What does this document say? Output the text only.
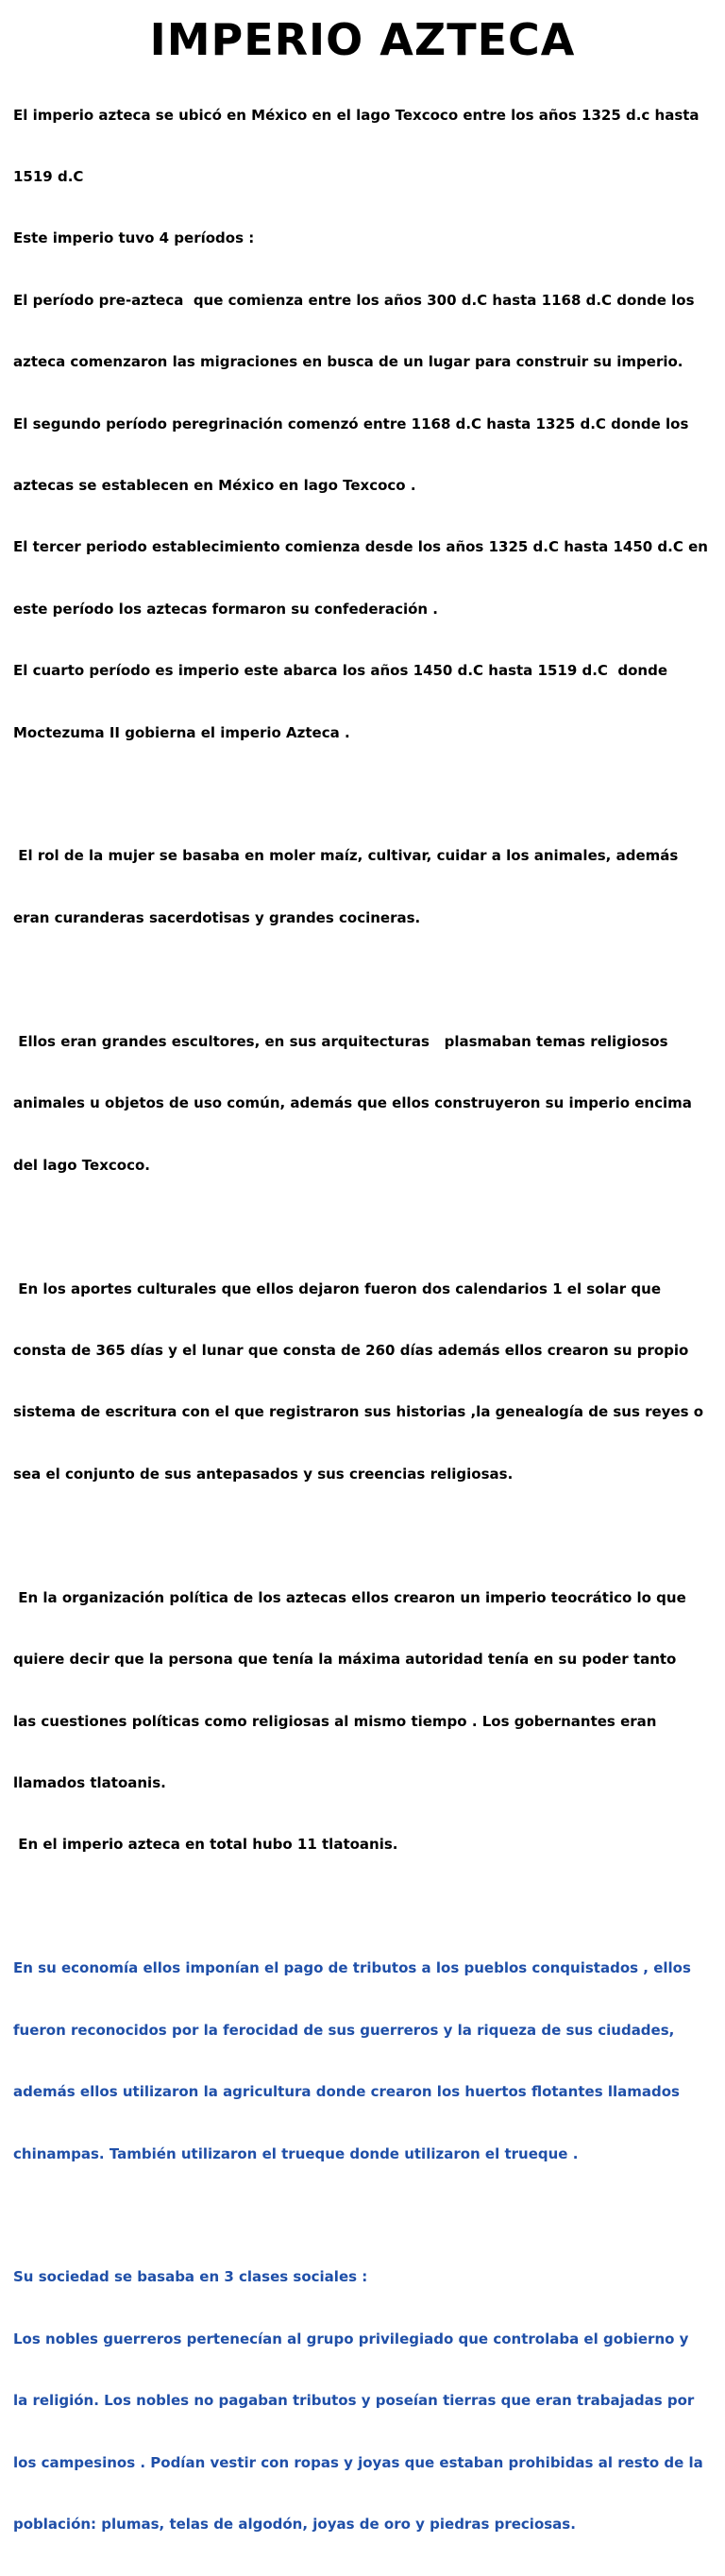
IMPERIO AZTECA

El imperio azteca se ubicó en México en el lago Texcoco entre los años 1325 d.c hasta

1519 d.C

Este imperio tuvo 4 períodos :

El período pre-azteca  que comienza entre los años 300 d.C hasta 1168 d.C donde los

azteca comenzaron las migraciones en busca de un lugar para construir su imperio.

El segundo período peregrinación comenzó entre 1168 d.C hasta 1325 d.C donde los

aztecas se establecen en México en lago Texcoco .

El tercer periodo establecimiento comienza desde los años 1325 d.C hasta 1450 d.C en

este período los aztecas formaron su confederación .

El cuarto período es imperio este abarca los años 1450 d.C hasta 1519 d.C  donde

Moctezuma II gobierna el imperio Azteca .

El rol de la mujer se basaba en moler maíz, cultivar, cuidar a los animales, además

eran curanderas sacerdotisas y grandes cocineras.

Ellos eran grandes escultores, en sus arquitecturas   plasmaban temas religiosos

animales u objetos de uso común, además que ellos construyeron su imperio encima

del lago Texcoco.

En los aportes culturales que ellos dejaron fueron dos calendarios 1 el solar que

consta de 365 días y el lunar que consta de 260 días además ellos crearon su propio

sistema de escritura con el que registraron sus historias ,la genealogía de sus reyes o

sea el conjunto de sus antepasados y sus creencias religiosas.

En la organización política de los aztecas ellos crearon un imperio teocrático lo que

quiere decir que la persona que tenía la máxima autoridad tenía en su poder tanto

las cuestiones políticas como religiosas al mismo tiempo . Los gobernantes eran

llamados tlatoanis.

En el imperio azteca en total hubo 11 tlatoanis.

En su economía ellos imponían el pago de tributos a los pueblos conquistados , ellos

fueron reconocidos por la ferocidad de sus guerreros y la riqueza de sus ciudades,

además ellos utilizaron la agricultura donde crearon los huertos flotantes llamados

chinampas. También utilizaron el trueque donde utilizaron el trueque .

Su sociedad se basaba en 3 clases sociales :

Los nobles guerreros pertenecían al grupo privilegiado que controlaba el gobierno y

la religión. Los nobles no pagaban tributos y poseían tierras que eran trabajadas por

los campesinos . Podían vestir con ropas y joyas que estaban prohibidas al resto de la

población: plumas, telas de algodón, joyas de oro y piedras preciosas.
